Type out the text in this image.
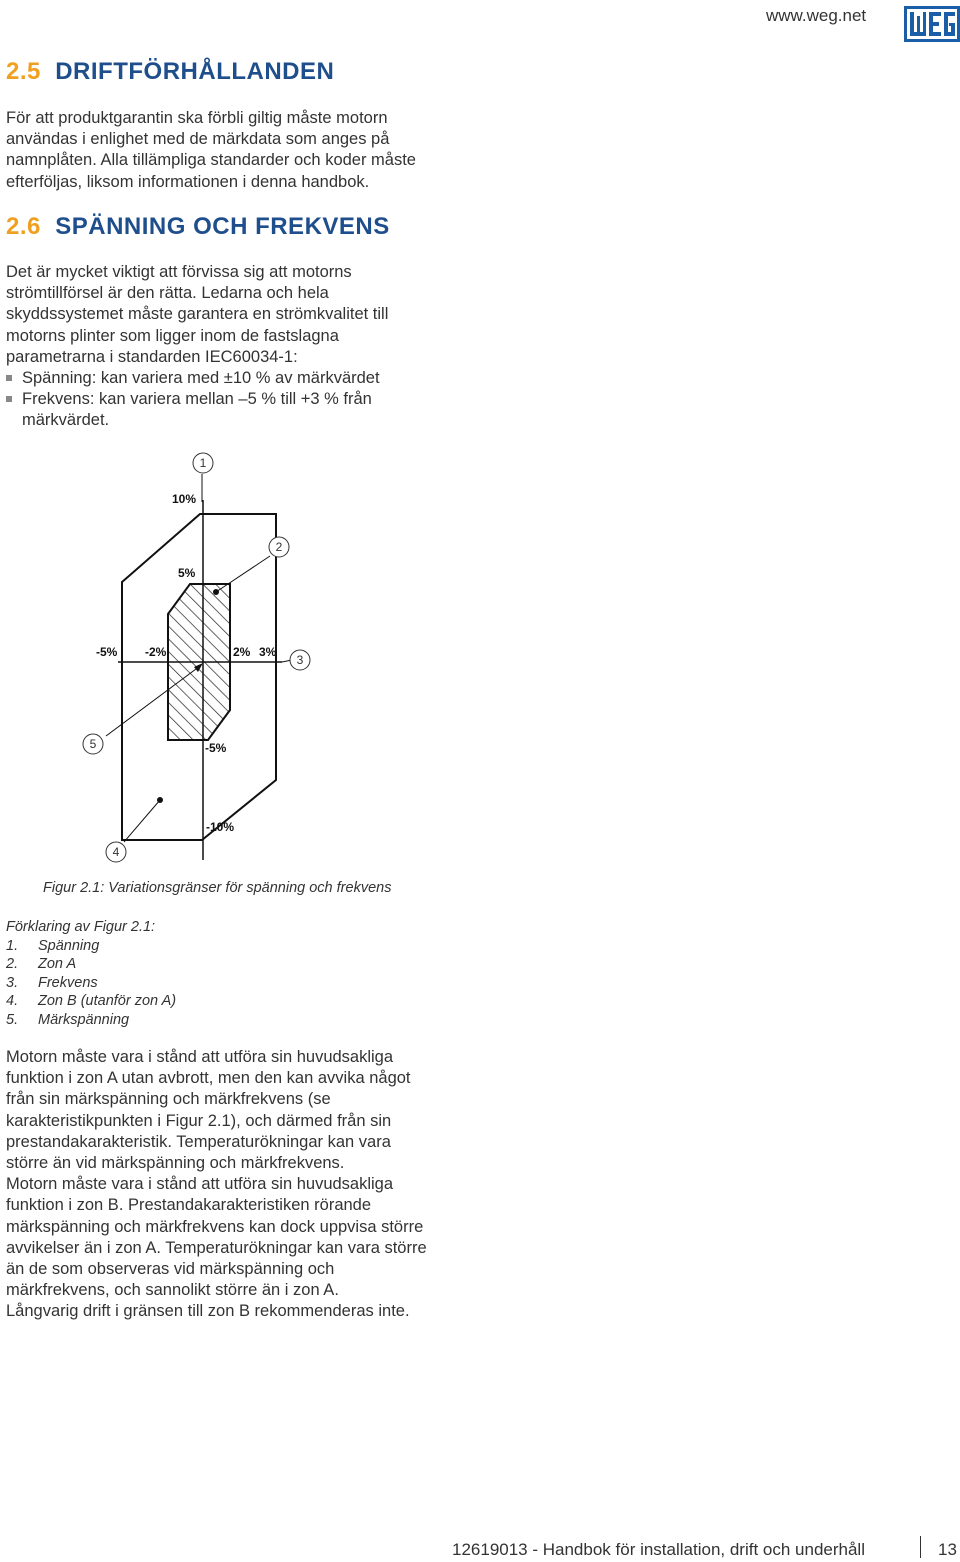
www.weg.net
2.5 DRIFTFÖRHÅLLANDEN
För att produktgarantin ska förbli giltig måste motorn
användas i enlighet med de märkdata som anges på
namnplåten. Alla tillämpliga standarder och koder måste
efterföljas, liksom informationen i denna handbok.
2.6 SPÄNNING OCH FREKVENS
Det är mycket viktigt att förvissa sig att motorns
strömtillförsel är den rätta. Ledarna och hela
skyddssystemet måste garantera en strömkvalitet till
motorns plinter som ligger inom de fastslagna
parametrarna i standarden IEC60034-1:
Spänning: kan variera med ±10 % av märkvärdet
Frekvens: kan variera mellan –5 % till +3 % från märkvärdet.
10%
5%
-5% -2%	2% 3%
-5%
-10%
1
2
3
4
5
Figur 2.1: Variationsgränser för spänning och frekvens
Förklaring av Figur 2.1:
1. Spänning
2. Zon A
3. Frekvens
4. Zon B (utanför zon A)
5. Märkspänning
Motorn måste vara i stånd att utföra sin huvudsakliga
funktion i zon A utan avbrott, men den kan avvika något
från sin märkspänning och märkfrekvens (se
karakteristikpunkten i Figur 2.1), och därmed från sin
prestandakarakteristik. Temperaturökningar kan vara
större än vid märkspänning och märkfrekvens.
Motorn måste vara i stånd att utföra sin huvudsakliga
funktion i zon B. Prestandakarakteristiken rörande
märkspänning och märkfrekvens kan dock uppvisa större
avvikelser än i zon A. Temperaturökningar kan vara större
än de som observeras vid märkspänning och
märkfrekvens, och sannolikt större än i zon A.
Långvarig drift i gränsen till zon B rekommenderas inte.
12619013 - Handbok för installation, drift och underhåll	13
